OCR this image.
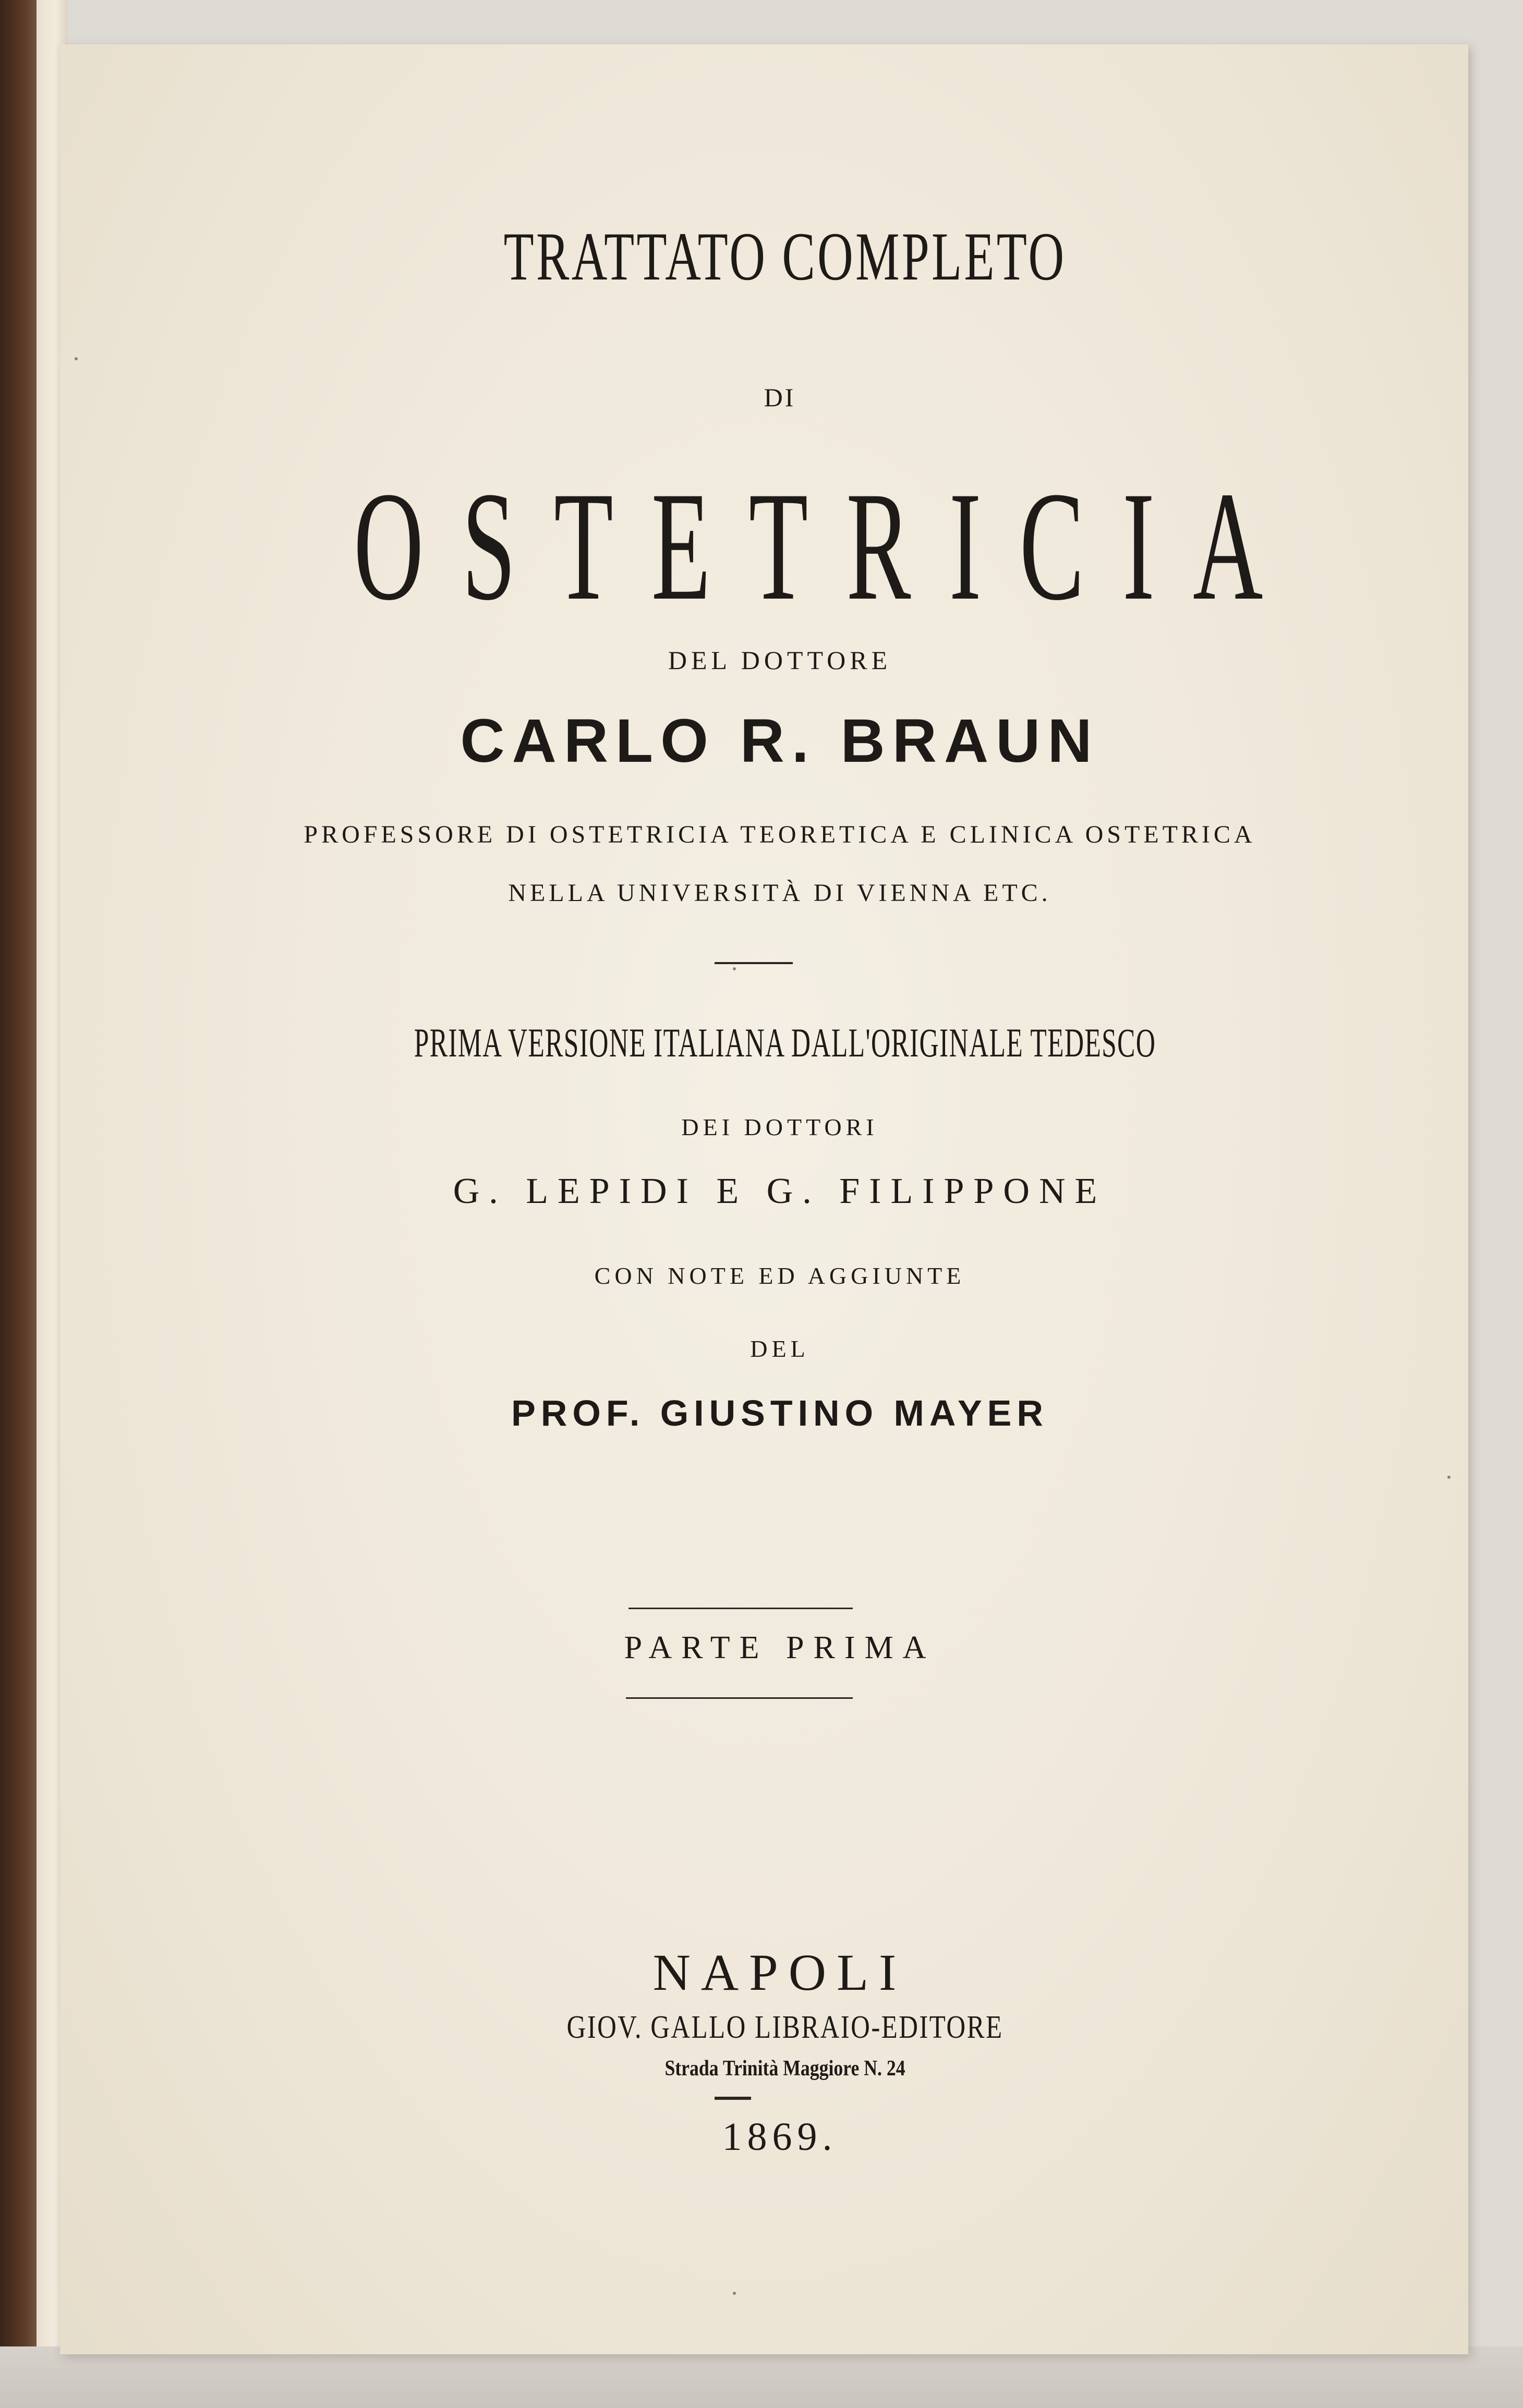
TRATTATO COMPLETO
DI
OSTETRICIA
DEL DOTTORE
CARLO R. BRAUN
PROFESSORE DI OSTETRICIA TEORETICA E CLINICA OSTETRICA
NELLA UNIVERSITÀ DI VIENNA ETC.
PRIMA VERSIONE ITALIANA DALL'ORIGINALE TEDESCO
DEI DOTTORI
G. LEPIDI E G. FILIPPONE
CON NOTE ED AGGIUNTE
DEL
PROF. GIUSTINO MAYER
PARTE PRIMA
NAPOLI
GIOV. GALLO LIBRAIO-EDITORE
Strada Trinità Maggiore N. 24
1869.
